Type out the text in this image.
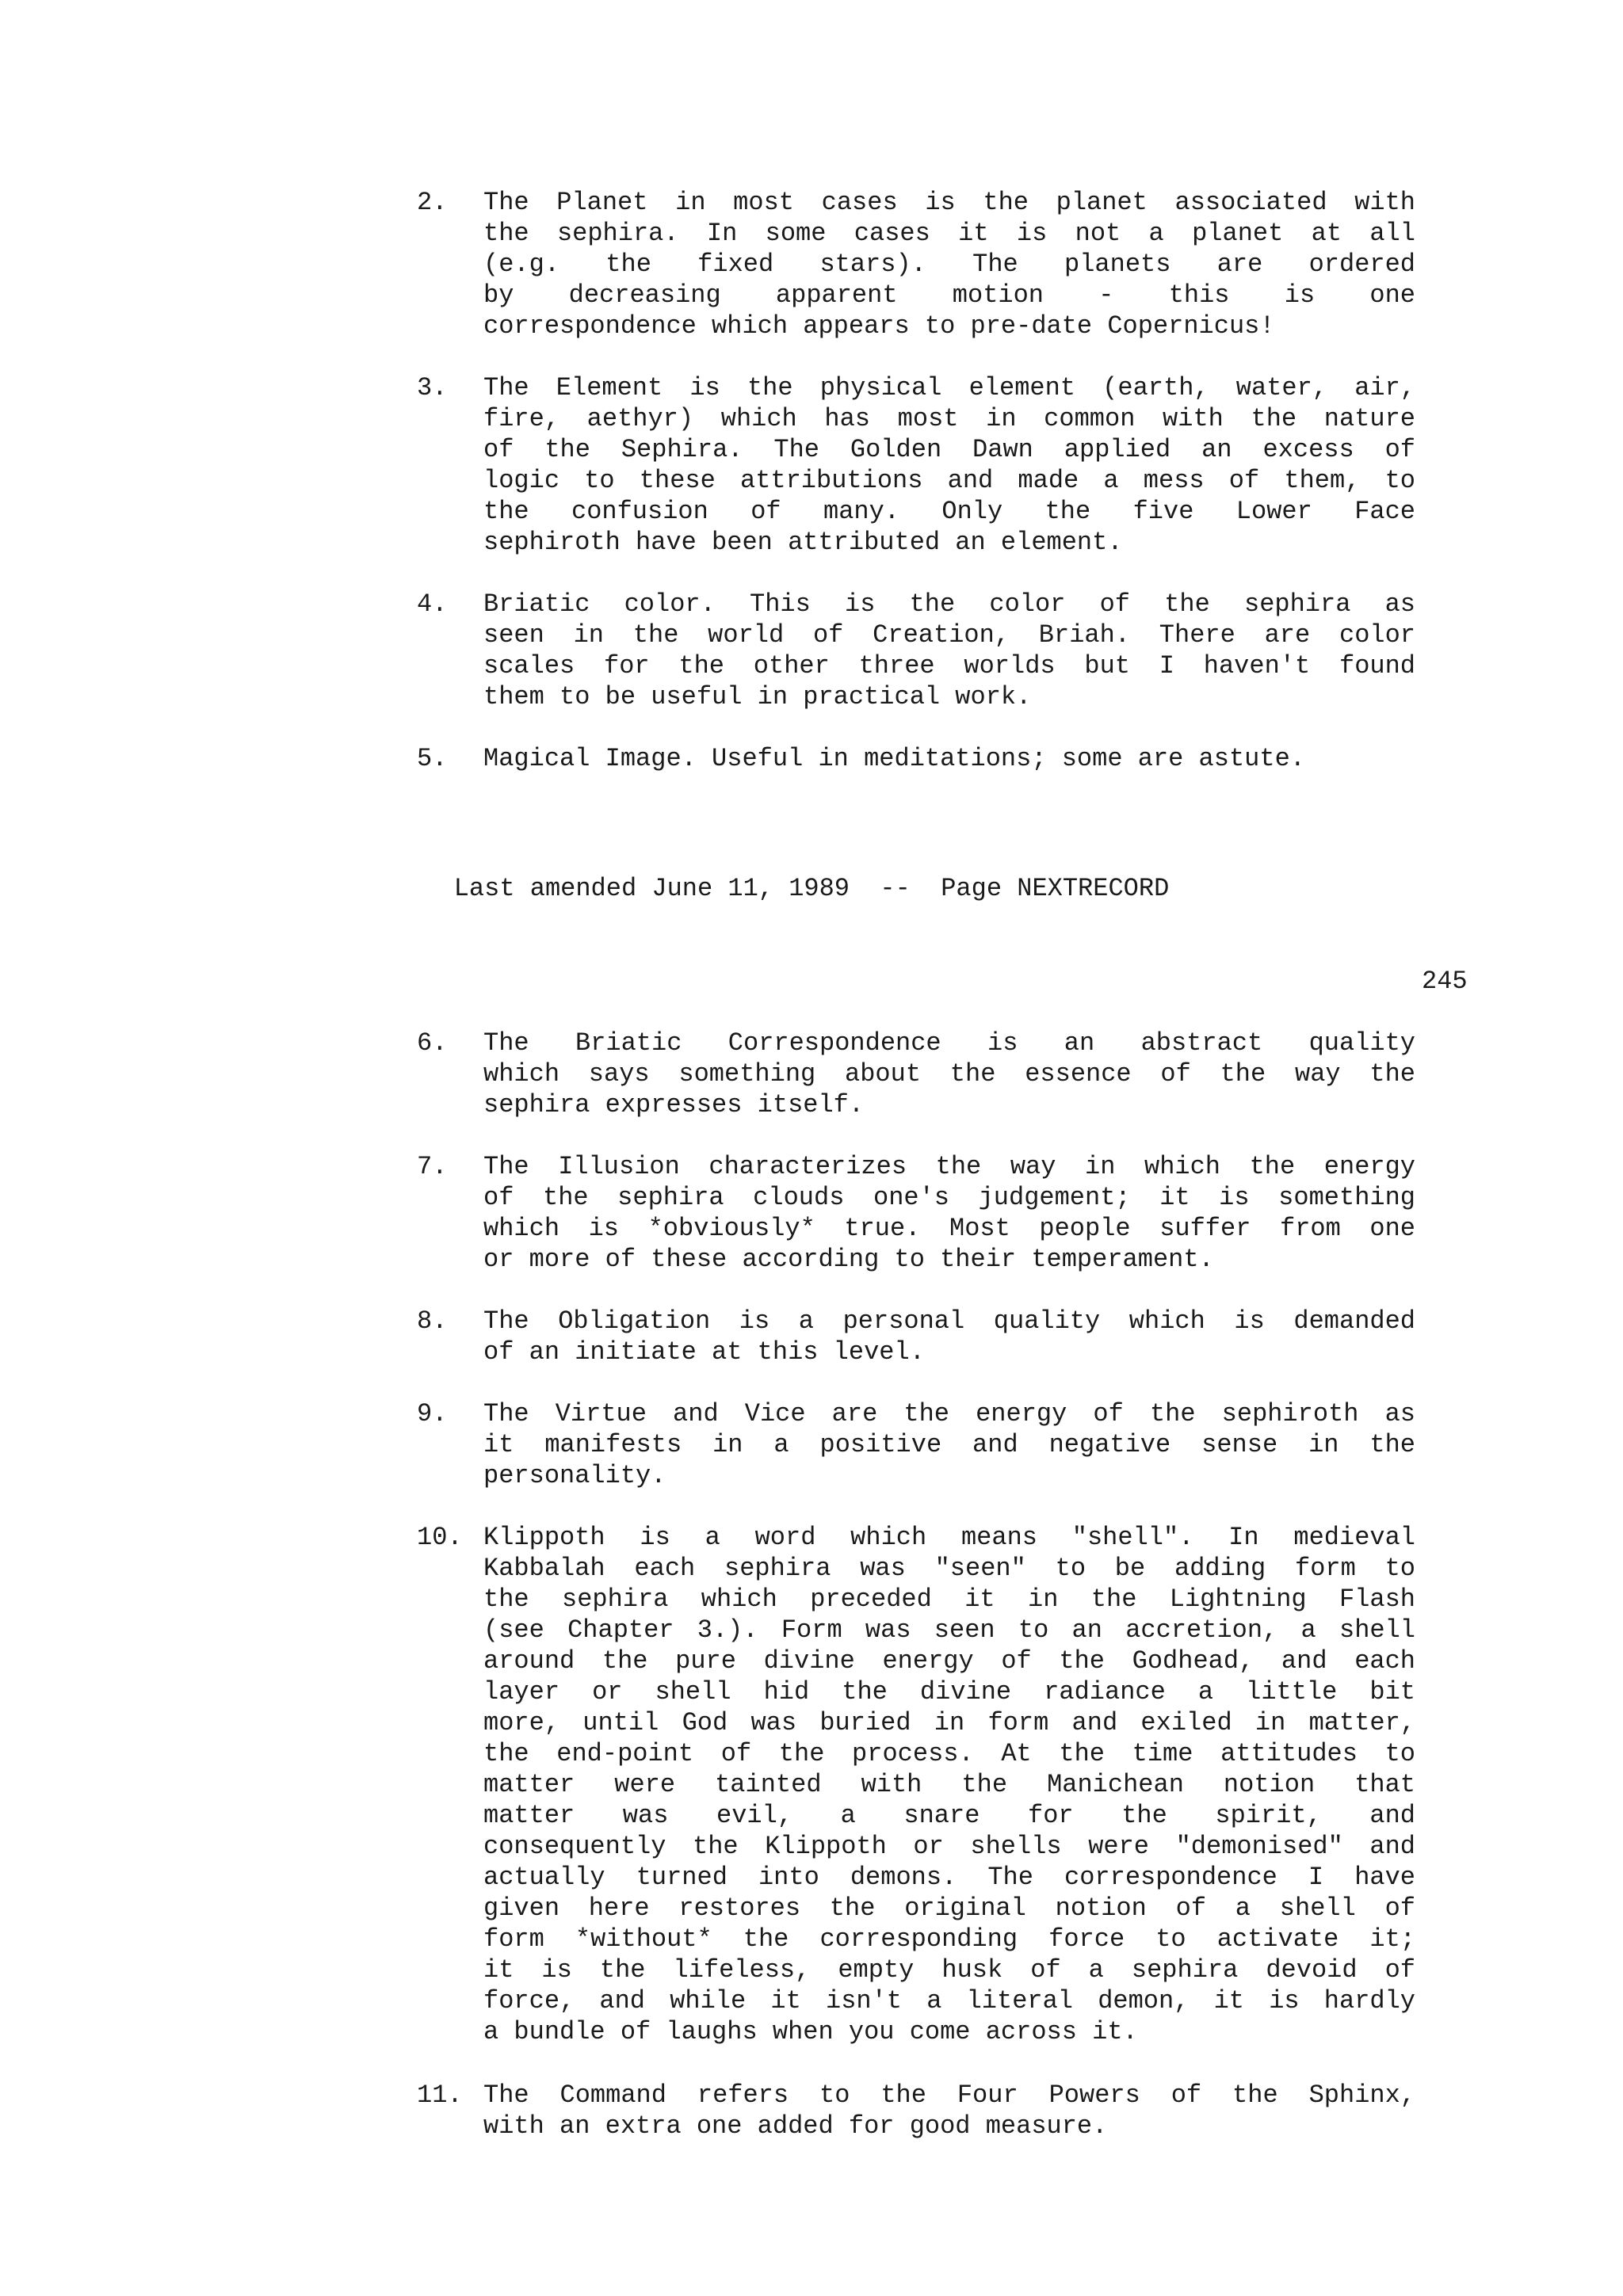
2. The Planet in most cases is the planet associated with
the sephira. In some cases it is not a planet at all
(e.g. the fixed stars). The planets are ordered
by decreasing apparent motion - this is one
correspondence which appears to pre-date Copernicus!
3. The Element is the physical element (earth, water, air,
fire, aethyr) which has most in common with the nature
of the Sephira. The Golden Dawn applied an excess of
logic to these attributions and made a mess of them, to
the confusion of many. Only the five Lower Face
sephiroth have been attributed an element.
4. Briatic color. This is the color of the sephira as
seen in the world of Creation, Briah. There are color
scales for the other three worlds but I haven't found
them to be useful in practical work.
5. Magical Image. Useful in meditations; some are astute.
Last amended June 11, 1989  --  Page NEXTRECORD
245
6. The Briatic Correspondence is an abstract quality
which says something about the essence of the way the
sephira expresses itself.
7. The Illusion characterizes the way in which the energy
of the sephira clouds one's judgement; it is something
which is *obviously* true. Most people suffer from one
or more of these according to their temperament.
8. The Obligation is a personal quality which is demanded
of an initiate at this level.
9. The Virtue and Vice are the energy of the sephiroth as
it manifests in a positive and negative sense in the
personality.
10. Klippoth is a word which means "shell". In medieval
Kabbalah each sephira was "seen" to be adding form to
the sephira which preceded it in the Lightning Flash
(see Chapter 3.). Form was seen to an accretion, a shell
around the pure divine energy of the Godhead, and each
layer or shell hid the divine radiance a little bit
more, until God was buried in form and exiled in matter,
the end-point of the process. At the time attitudes to
matter were tainted with the Manichean notion that
matter was evil, a snare for the spirit, and
consequently the Klippoth or shells were "demonised" and
actually turned into demons. The correspondence I have
given here restores the original notion of a shell of
form *without* the corresponding force to activate it;
it is the lifeless, empty husk of a sephira devoid of
force, and while it isn't a literal demon, it is hardly
a bundle of laughs when you come across it.
11. The Command refers to the Four Powers of the Sphinx,
with an extra one added for good measure.
